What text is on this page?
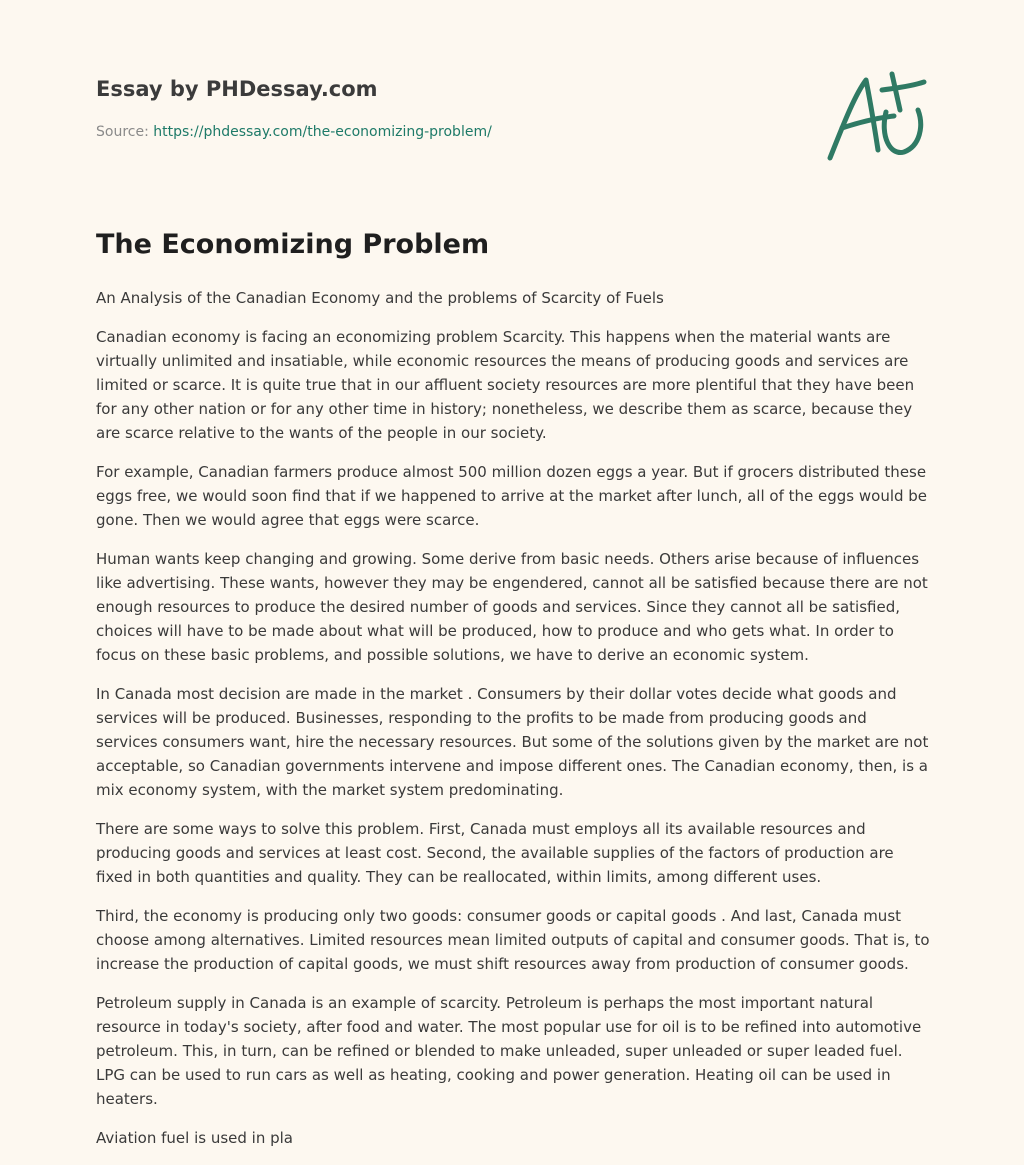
Essay by PHDessay.com
Source: https://phdessay.com/the-economizing-problem/
The Economizing Problem

An Analysis of the Canadian Economy and the problems of Scarcity of Fuels

Canadian economy is facing an economizing problem Scarcity. This happens when the material wants are virtually unlimited and insatiable, while economic resources the means of producing goods and services are limited or scarce. It is quite true that in our affluent society resources are more plentiful that they have been for any other nation or for any other time in history; nonetheless, we describe them as scarce, because they are scarce relative to the wants of the people in our society.

For example, Canadian farmers produce almost 500 million dozen eggs a year. But if grocers distributed these eggs free, we would soon find that if we happened to arrive at the market after lunch, all of the eggs would be gone. Then we would agree that eggs were scarce.

Human wants keep changing and growing. Some derive from basic needs. Others arise because of influences like advertising. These wants, however they may be engendered, cannot all be satisfied because there are not enough resources to produce the desired number of goods and services. Since they cannot all be satisfied, choices will have to be made about what will be produced, how to produce and who gets what. In order to focus on these basic problems, and possible solutions, we have to derive an economic system.

In Canada most decision are made in the market . Consumers by their dollar votes decide what goods and services will be produced. Businesses, responding to the profits to be made from producing goods and services consumers want, hire the necessary resources. But some of the solutions given by the market are not acceptable, so Canadian governments intervene and impose different ones. The Canadian economy, then, is a mix economy system, with the market system predominating.

There are some ways to solve this problem. First, Canada must employs all its available resources and producing goods and services at least cost. Second, the available supplies of the factors of production are fixed in both quantities and quality. They can be reallocated, within limits, among different uses.

Third, the economy is producing only two goods: consumer goods or capital goods . And last, Canada must choose among alternatives. Limited resources mean limited outputs of capital and consumer goods. That is, to increase the production of capital goods, we must shift resources away from production of consumer goods.

Petroleum supply in Canada is an example of scarcity. Petroleum is perhaps the most important natural resource in today's society, after food and water. The most popular use for oil is to be refined into automotive petroleum. This, in turn, can be refined or blended to make unleaded, super unleaded or super leaded fuel. LPG can be used to run cars as well as heating, cooking and power generation. Heating oil can be used in heaters.

Aviation fuel is used in pla
